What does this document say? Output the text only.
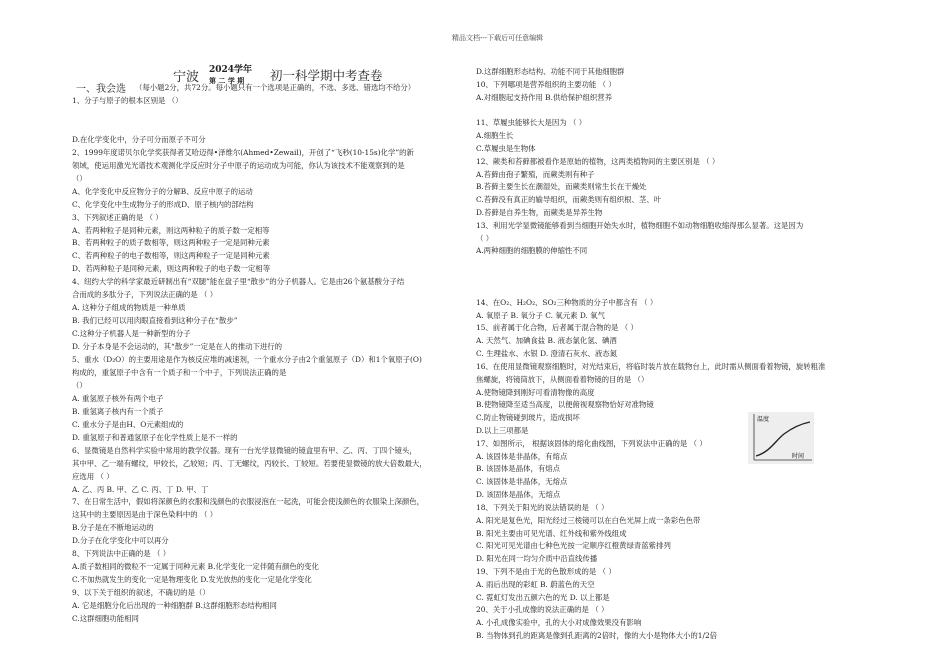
精品文档---下载后可任意编辑
宁波 2024学年
第 二 学 期 初一科学期中考查卷
一、我会选 （每小题2分，共72分。每小题只有一个选项是正确的，不选、多选、错选均不给分）
1、分子与原子的根本区别是 （）
D.在化学变化中，分子可分而原子不可分
2、1999年度诺贝尔化学奖获得者艾哈迈得•泽维尔(Ahmed•Zewail)，开创了“飞秒(10-15s)化学”的新
领域，使运用激光光谱技术观测化学反应时分子中原子的运动成为可能，你认为该技术不能观察到的是
（）
A、化学变化中反应物分子的分解B、反应中原子的运动
C、化学变化中生成物分子的形成D、原子核内的部结构
3、下列叙述正确的是 （ ）
A、若两种粒子是同种元素，则这两种粒子的质子数一定相等
B、若两种粒子的质子数相等，则这两种粒子一定是同种元素
C、若两种粒子的电子数相等，则这两种粒子一定是同种元素
D、若两种粒子是同种元素，则这两种粒子的电子数一定相等
4、纽约大学的科学家最近研制出有“双腿”能在盘子里“散步”的分子机器人。它是由26个氨基酸分子结
合而成的多肽分子，下列说法正确的是 （ ）
A. 这种分子组成的物质是一种单质
B. 我们已经可以用肉眼直接看到这种分子在“散步”
C.这种分子机器人是一种新型的分子
D. 分子本身是不会运动的，其“散步”一定是在人的推动下进行的
5、重水（D₂O）的主要用途是作为核反应堆的减速剂，一个重水分子由2个重氢原子（D）和1个氧原子(O)
构成的，重氢原子中含有一个质子和一个中子，下列说法正确的是
（）
A. 重氢原子核外有两个电子
B. 重氢离子核内有一个质子
C. 重水分子是由H、O元素组成的
D. 重氢原子和普通氢原子在化学性质上是不一样的
6、显微镜是自然科学实验中常用的教学仪器。现有一台光学显微镜的镜盒里有甲、乙、丙、丁四个镜头，
其中甲、乙一端有螺纹，甲较长，乙较短；丙、丁无螺纹，丙较长、丁较短。若要使显微镜的放大倍数最大，
应选用 （ ）
A. 乙、丙 B. 甲、乙 C. 丙、丁 D. 甲、丁
7、在日常生活中，假如将深颜色的衣服和浅颜色的衣服浸泡在一起洗，可能会使浅颜色的衣服染上深颜色，
这其中的主要原因是由于深色染料中的 （ ）
B.分子是在不断地运动的
D.分子在化学变化中可以再分
8、下列说法中正确的是 （ ）
A.质子数相同的微粒不一定属于同种元素 B.化学变化一定伴随有颜色的变化
C.不加热就发生的变化一定是物理变化 D.发光放热的变化一定是化学变化
9、以下关于组织的叙述，不确切的是（）
A. 它是细胞分化后出现的一种细胞群 B.这群细胞形态结构相同
C.这群细胞功能相同
D.这群细胞形态结构、功能不同于其他细胞群
10、下列哪项是营养组织的主要功能 （ ）
A.对细胞起支持作用 B.供给保护组织营养
11、草履虫能够长大是因为 （ ）
A.细胞生长
C.草履虫是生物体
12、蕨类和苔藓都被看作是原始的植物，这两类植物间的主要区别是 （ ）
A.苔藓由孢子繁殖，而蕨类则有种子
B.苔藓主要生长在潮湿处，而蕨类则常生长在干燥处
C.苔藓没有真正的输导组织，而蕨类则有组织根、茎、叶
D.苔藓是自养生物，而蕨类是异养生物
13、利用光学显微镜能够看到当细胞开始失水时，植物细胞不如动物细胞收缩得那么显著。这是因为
（ ）
A.两种细胞的细胞膜的伸缩性不同
14、在O₂、H₂O₂、SO₂三种物质的分子中都含有 （ ）
A. 氧原子 B. 氧分子 C. 氧元素 D. 氧气
15、前者属于化合物，后者属于混合物的是 （ ）
A. 天然气、加碘食盐 B. 液态氯化氢、碘酒
C. 生理盐水、水银 D. 澄清石灰水、液态氮
16、在使用显微镜观察细胞时，对光结束后，将临时装片放在载物台上，此时需从侧面看着物镜，旋转粗准
焦螺旋，将镜筒放下，从侧面看着物镜的目的是 （）
A.使物镜降到刚好可看清物像的高度
B.使物镜降至适当高度，以便俯视观察物恰好对准物镜
C.防止物镜碰到玻片，造成损坏
D.以上三项都是
17、如图所示， 根据该固体的熔化曲线图，下列说法中正确的是 （ ）
A. 该固体是非晶体，有熔点
B. 该固体是晶体，有熔点
C. 该固体是非晶体，无熔点
D. 该固体是晶体，无熔点
18、下列关于阳光的说法错误的是 （ ）
A. 阳光是复色光，阳光经过三棱镜可以在白色光屏上成一条彩色色带
B. 阳光主要由可见光谱、红外线和紫外线组成
C. 阳光可见光谱由七种色光按一定顺序红橙黄绿青蓝紫排列
D. 阳光在同一均匀介质中沿直线传播
19、下列不是由于光的色散形成的是 （ ）
A. 雨后出现的彩虹 B. 蔚蓝色的天空
C. 霓虹灯发出五颜六色的光 D. 以上都是
20、关于小孔成像的说法正确的是 （ ）
A. 小孔成像实验中，孔的大小对成像效果没有影响
B. 当物体到孔的距离是像到孔距离的2倍时，像的大小是物体大小的1/2倍
温度
时间
